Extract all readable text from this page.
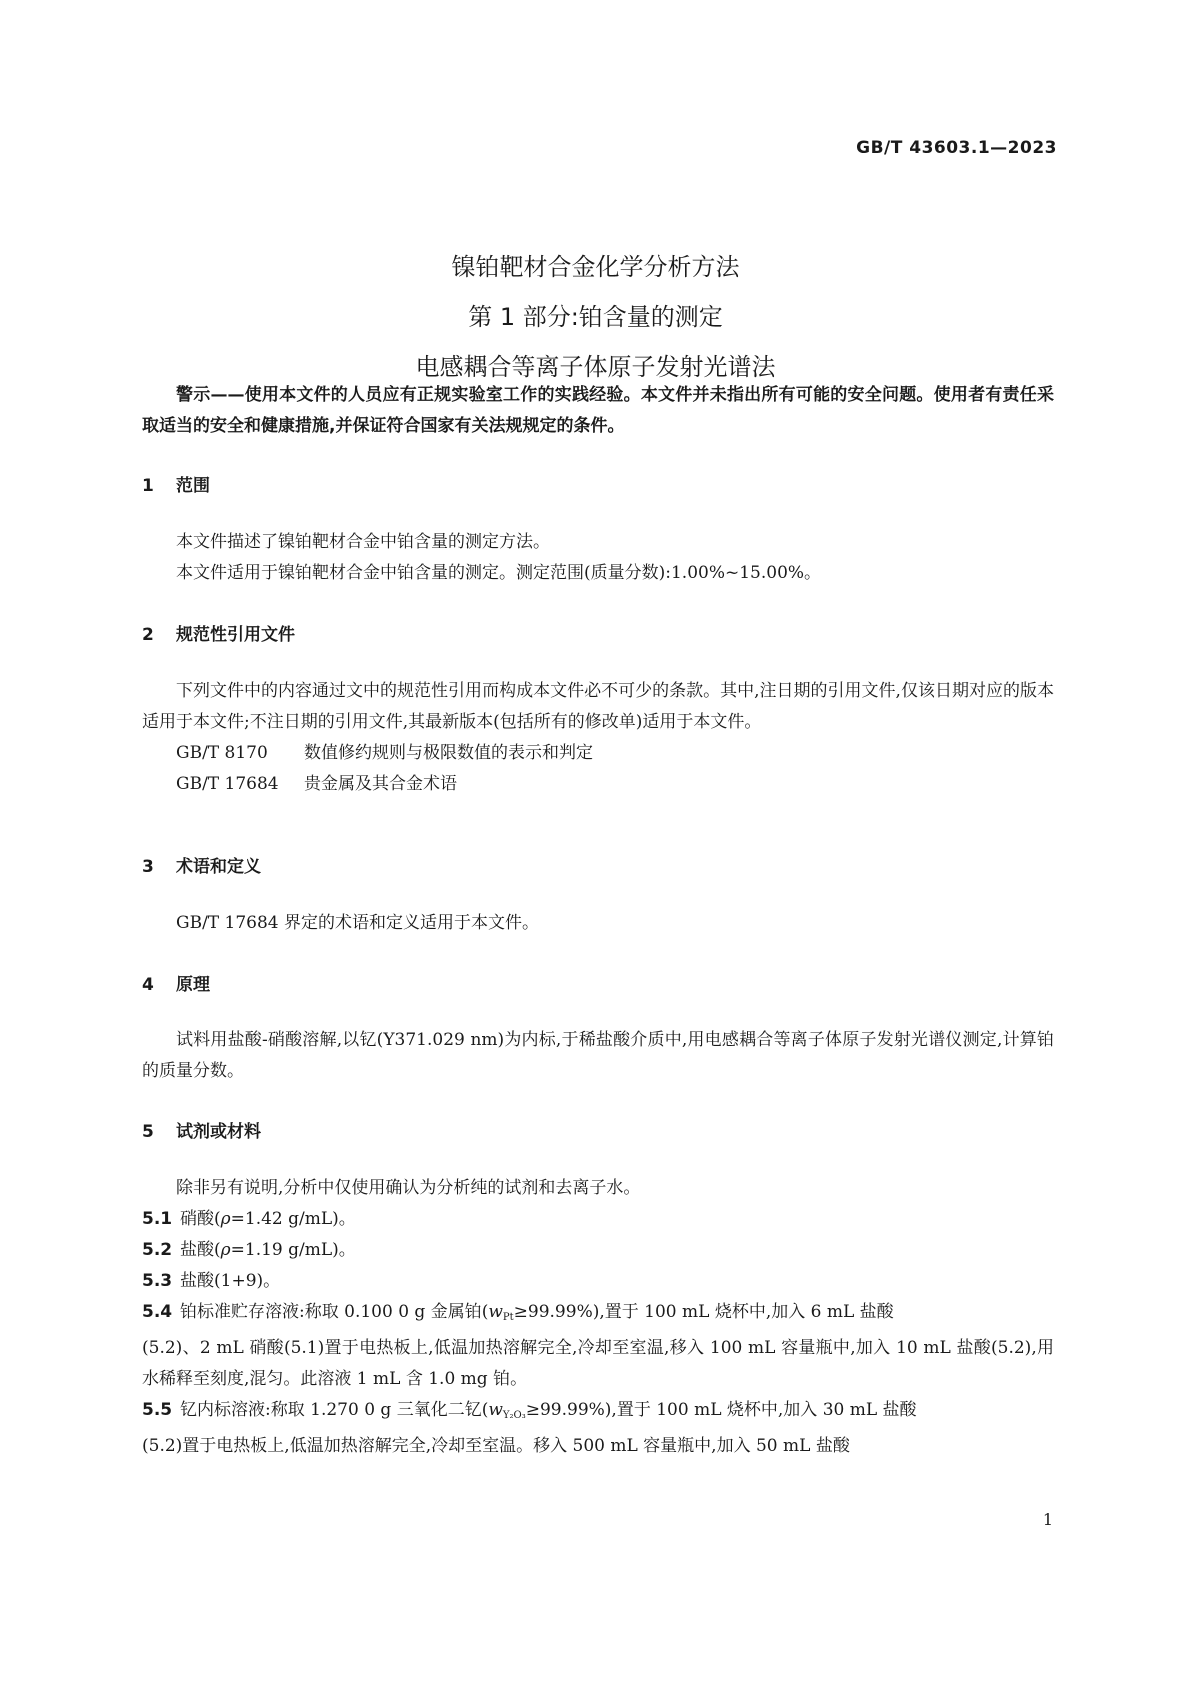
GB/T 43603.1—2023
镍铂靶材合金化学分析方法
第 1 部分:铂含量的测定
电感耦合等离子体原子发射光谱法
警示——使用本文件的人员应有正规实验室工作的实践经验。本文件并未指出所有可能的安全问题。使用者有责任采取适当的安全和健康措施,并保证符合国家有关法规规定的条件。
1 范围
本文件描述了镍铂靶材合金中铂含量的测定方法。
本文件适用于镍铂靶材合金中铂含量的测定。测定范围(质量分数):1.00%~15.00%。
2 规范性引用文件
下列文件中的内容通过文中的规范性引用而构成本文件必不可少的条款。其中,注日期的引用文件,仅该日期对应的版本适用于本文件;不注日期的引用文件,其最新版本(包括所有的修改单)适用于本文件。
GB/T 8170 数值修约规则与极限数值的表示和判定
GB/T 17684 贵金属及其合金术语
3 术语和定义
GB/T 17684 界定的术语和定义适用于本文件。
4 原理
试料用盐酸-硝酸溶解,以钇(Y371.029 nm)为内标,于稀盐酸介质中,用电感耦合等离子体原子发射光谱仪测定,计算铂的质量分数。
5 试剂或材料
除非另有说明,分析中仅使用确认为分析纯的试剂和去离子水。
5.1 硝酸(ρ=1.42 g/mL)。
5.2 盐酸(ρ=1.19 g/mL)。
5.3 盐酸(1+9)。
5.4 铂标准贮存溶液:称取 0.100 0 g 金属铂$(w_{Pt}\ge 99.99\%)$,置于 100 mL 烧杯中,加入 6 mL 盐酸
(5.2)、2 mL 硝酸(5.1)置于电热板上,低温加热溶解完全,冷却至室温,移入 100 mL 容量瓶中,加入 10 mL 盐酸(5.2),用水稀释至刻度,混匀。此溶液 1 mL 含 1.0 mg 铂。
5.5 钇内标溶液:称取 1.270 0 g 三氧化二钇$(w_{Y_2O_3}\ge 99.99\%)$,置于 100 mL 烧杯中,加入 30 mL 盐酸
(5.2)置于电热板上,低温加热溶解完全,冷却至室温。移入 500 mL 容量瓶中,加入 50 mL 盐酸
1
